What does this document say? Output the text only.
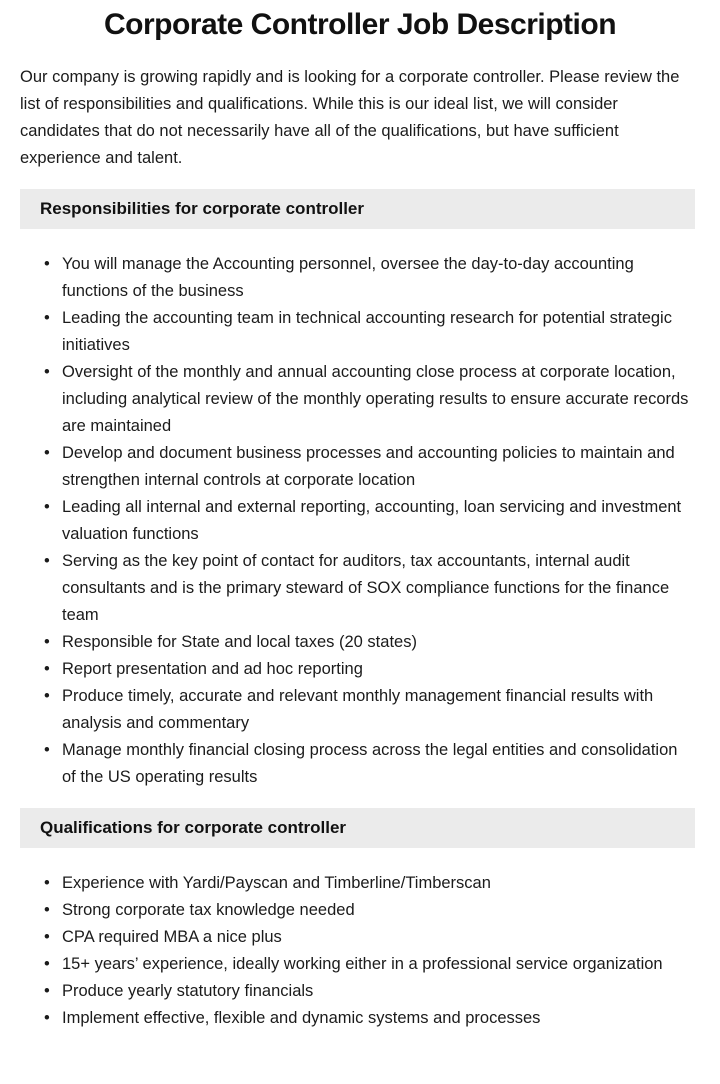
Corporate Controller Job Description

Our company is growing rapidly and is looking for a corporate controller. Please review the list of responsibilities and qualifications. While this is our ideal list, we will consider candidates that do not necessarily have all of the qualifications, but have sufficient experience and talent.

Responsibilities for corporate controller
• You will manage the Accounting personnel, oversee the day-to-day accounting functions of the business
• Leading the accounting team in technical accounting research for potential strategic initiatives
• Oversight of the monthly and annual accounting close process at corporate location, including analytical review of the monthly operating results to ensure accurate records are maintained
• Develop and document business processes and accounting policies to maintain and strengthen internal controls at corporate location
• Leading all internal and external reporting, accounting, loan servicing and investment valuation functions
• Serving as the key point of contact for auditors, tax accountants, internal audit consultants and is the primary steward of SOX compliance functions for the finance team
• Responsible for State and local taxes (20 states)
• Report presentation and ad hoc reporting
• Produce timely, accurate and relevant monthly management financial results with analysis and commentary
• Manage monthly financial closing process across the legal entities and consolidation of the US operating results
Qualifications for corporate controller
• Experience with Yardi/Payscan and Timberline/Timberscan
• Strong corporate tax knowledge needed
• CPA required MBA a nice plus
• 15+ years’ experience, ideally working either in a professional service organization
• Produce yearly statutory financials
• Implement effective, flexible and dynamic systems and processes
